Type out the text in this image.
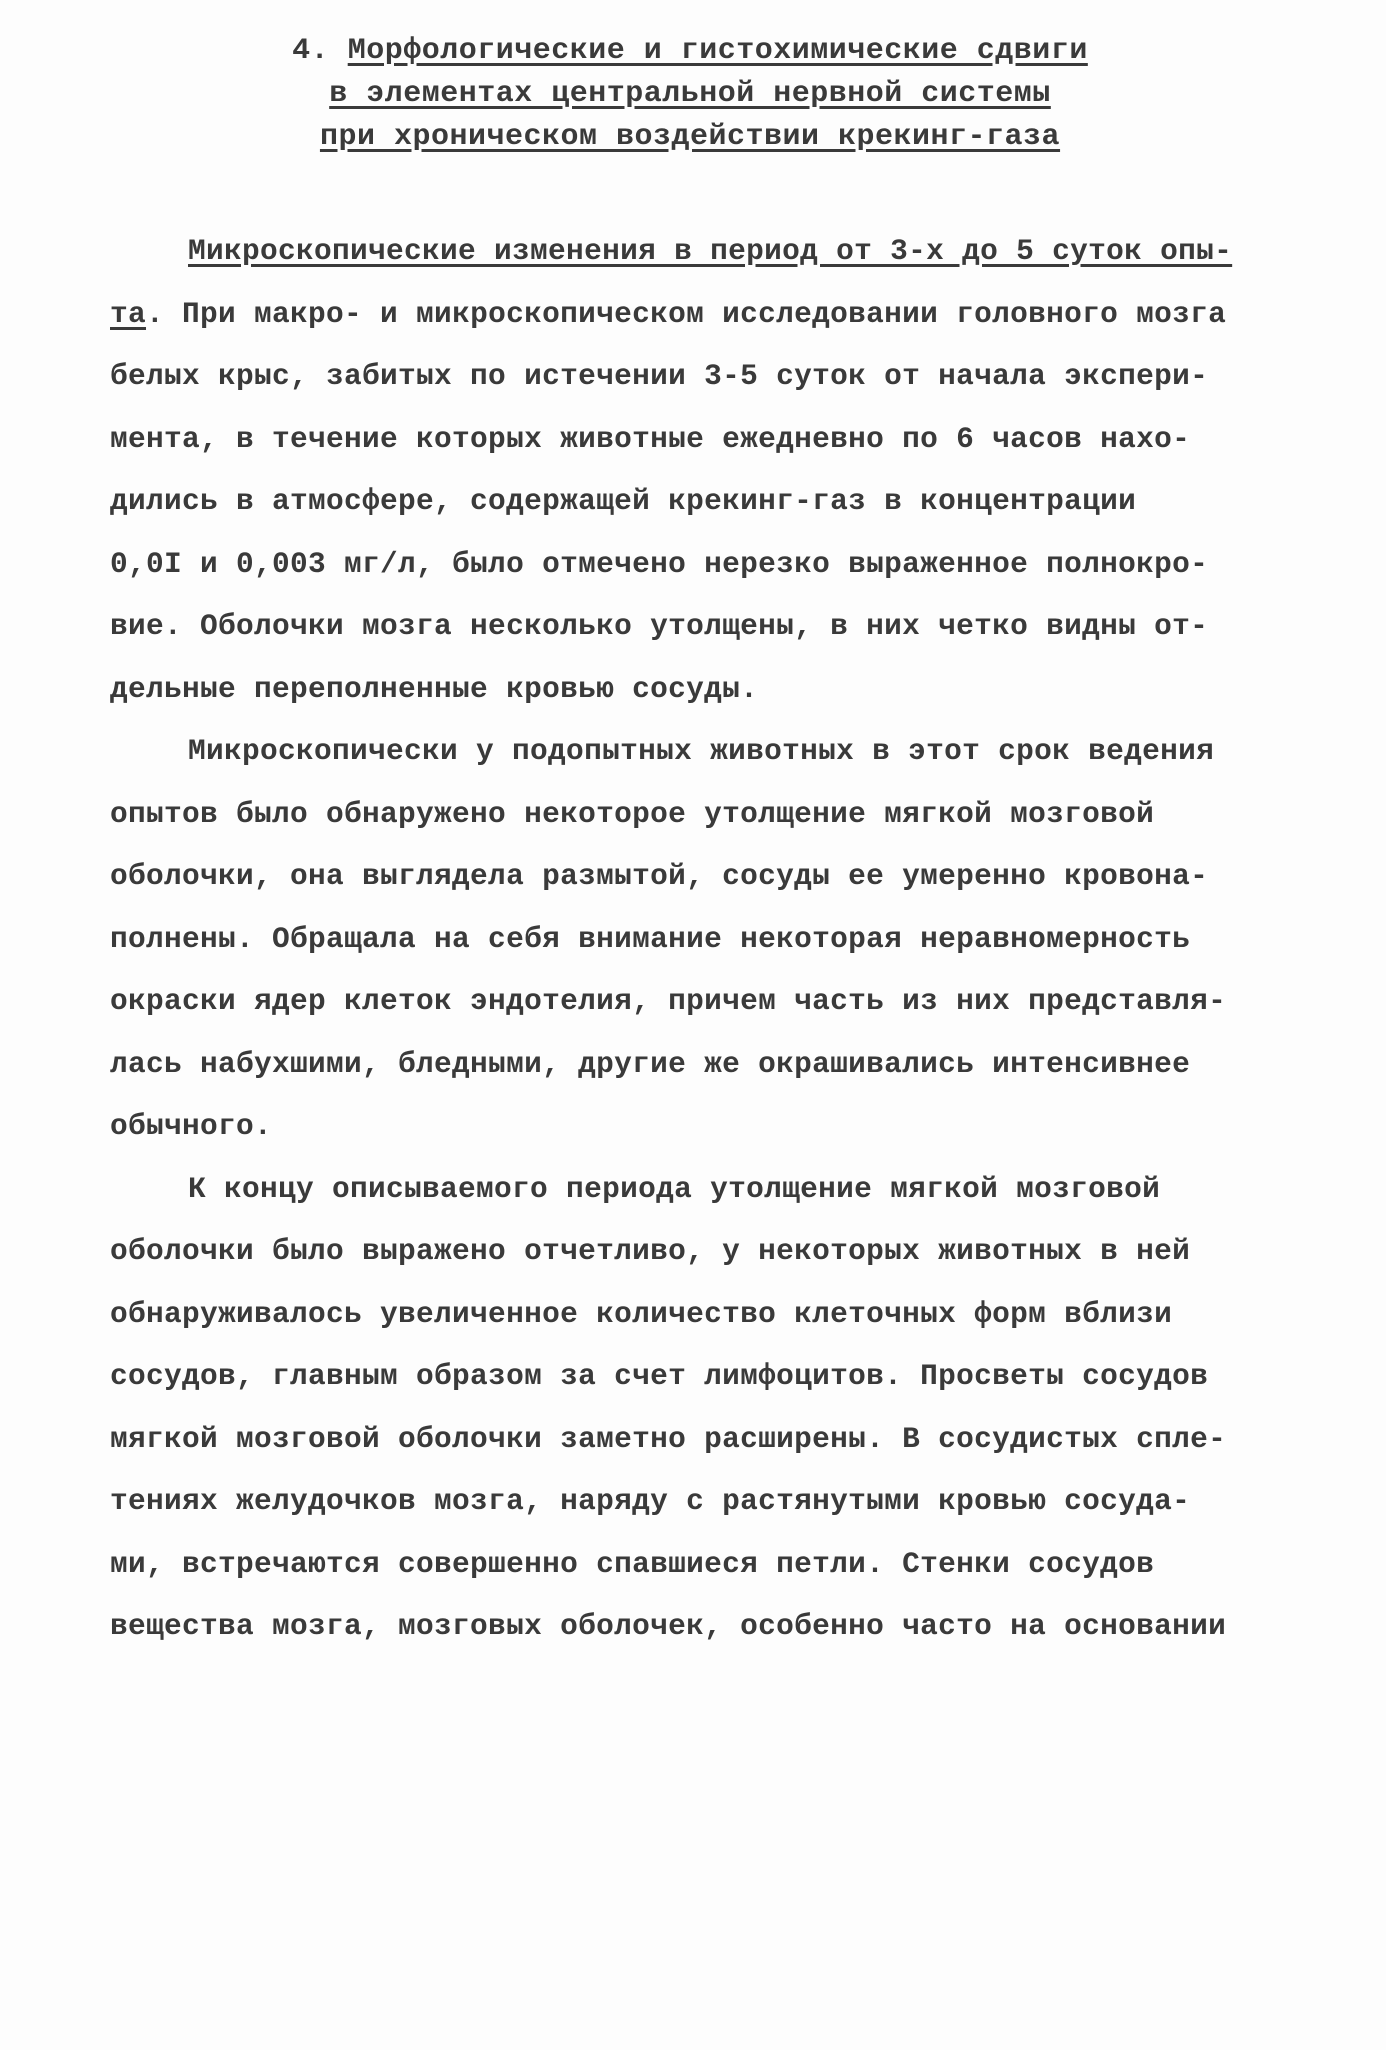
4. Морфологические и гистохимические сдвиги
в элементах центральной нервной системы
при хроническом воздействии крекинг-газа
Микроскопические изменения в период от 3-х до 5 суток опы-
та. При макро- и микроскопическом исследовании головного мозга
белых крыс, забитых по истечении 3-5 суток от начала экспери-
мента, в течение которых животные ежедневно по 6 часов нахо-
дились в атмосфере, содержащей крекинг-газ в концентрации
0,0I и 0,003 мг/л, было отмечено нерезко выраженное полнокро-
вие. Оболочки мозга несколько утолщены, в них четко видны от-
дельные переполненные кровью сосуды.
Микроскопически у подопытных животных в этот срок ведения
опытов было обнаружено некоторое утолщение мягкой мозговой
оболочки, она выглядела размытой, сосуды ее умеренно кровона-
полнены. Обращала на себя внимание некоторая неравномерность
окраски ядер клеток эндотелия, причем часть из них представля-
лась набухшими, бледными, другие же окрашивались интенсивнее
обычного.
К концу описываемого периода утолщение мягкой мозговой
оболочки было выражено отчетливо, у некоторых животных в ней
обнаруживалось увеличенное количество клеточных форм вблизи
сосудов, главным образом за счет лимфоцитов. Просветы сосудов
мягкой мозговой оболочки заметно расширены. В сосудистых спле-
тениях желудочков мозга, наряду с растянутыми кровью сосуда-
ми, встречаются совершенно спавшиеся петли. Стенки сосудов
вещества мозга, мозговых оболочек, особенно часто на основании
